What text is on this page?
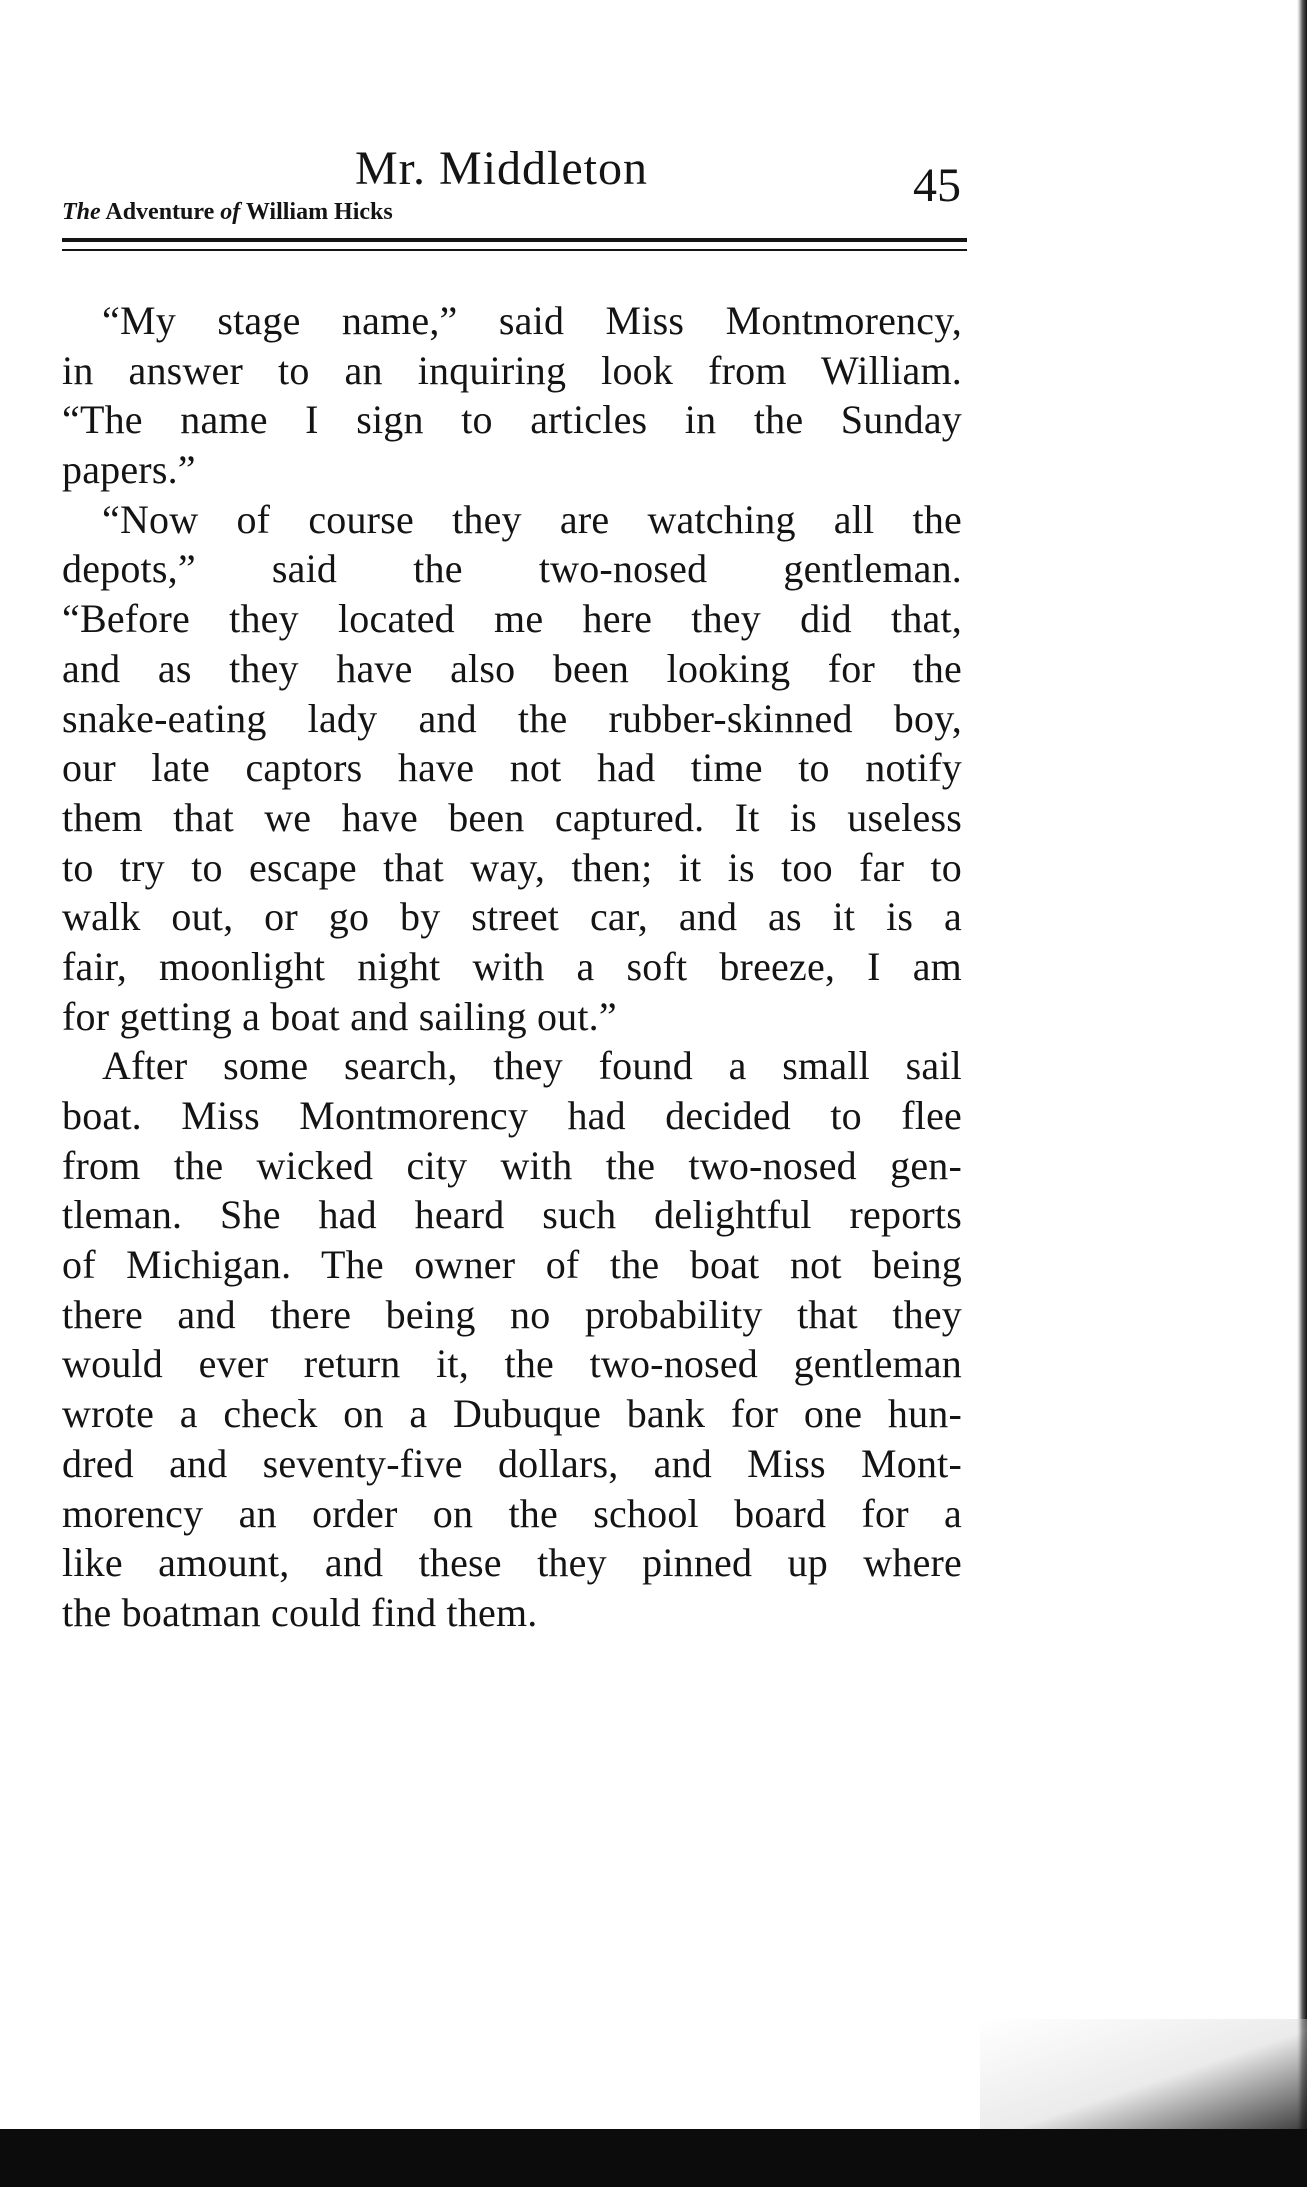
Mr. Middleton
The Adventure of William Hicks	45
“My stage name,” said Miss Montmorency,
in answer to an inquiring look from William.
“The name I sign to articles in the Sunday
papers.”
“Now of course they are watching all the
depots,” said the two-nosed gentleman.
“Before they located me here they did that,
and as they have also been looking for the
snake-eating lady and the rubber-skinned boy,
our late captors have not had time to notify
them that we have been captured. It is useless
to try to escape that way, then; it is too far to
walk out, or go by street car, and as it is a
fair, moonlight night with a soft breeze, I am
for getting a boat and sailing out.”
After some search, they found a small sail
boat. Miss Montmorency had decided to flee
from the wicked city with the two-nosed gen-
tleman. She had heard such delightful reports
of Michigan. The owner of the boat not being
there and there being no probability that they
would ever return it, the two-nosed gentleman
wrote a check on a Dubuque bank for one hun-
dred and seventy-five dollars, and Miss Mont-
morency an order on the school board for a
like amount, and these they pinned up where
the boatman could find them.
